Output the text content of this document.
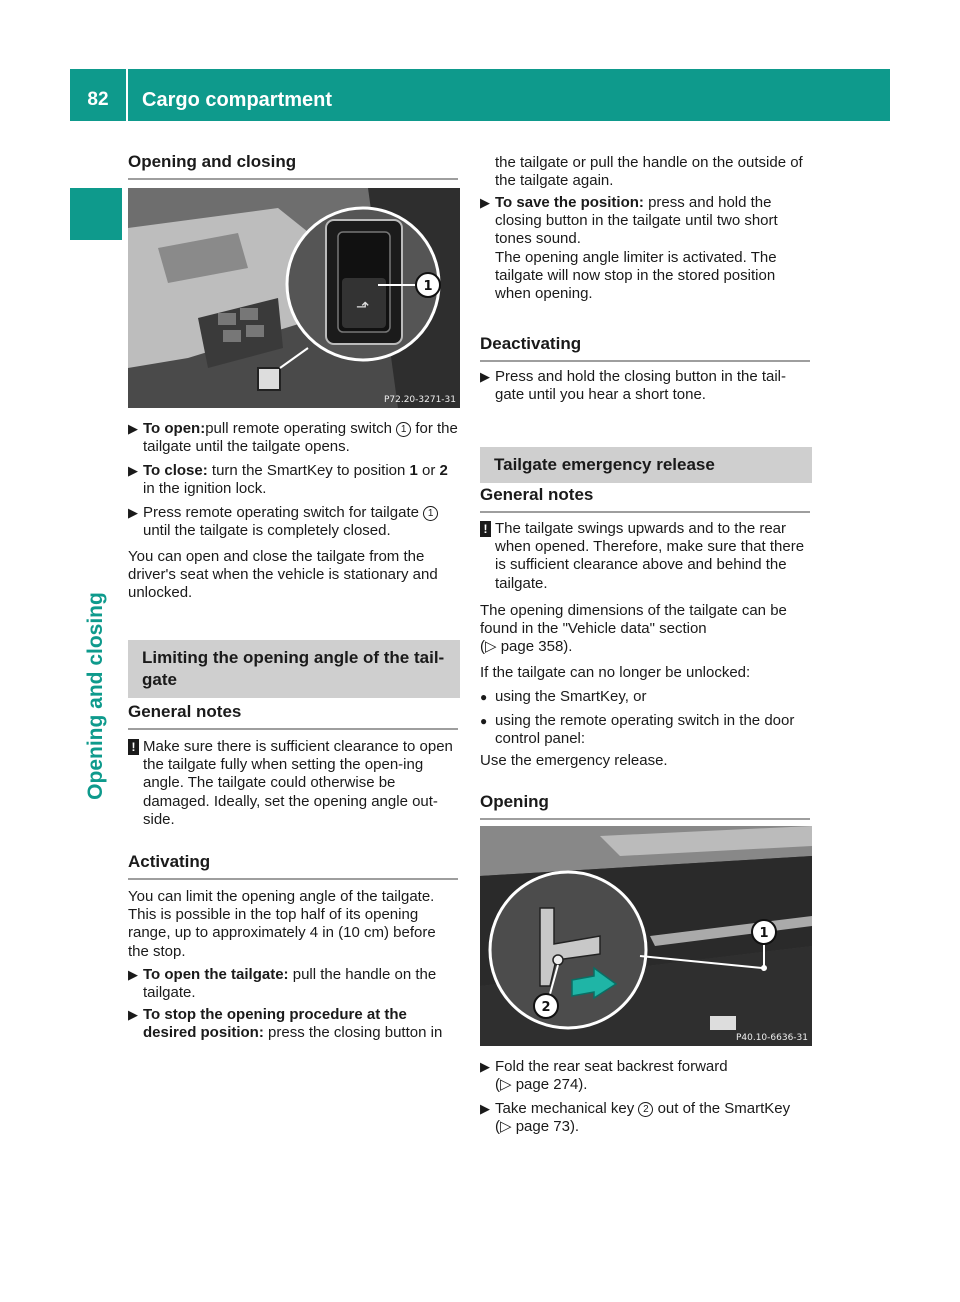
82	Cargo compartment
Opening and closing
Opening and closing
⬏
1
P72.20-3271-31
▶ To open:pull remote operating switch 1 for the tailgate until the tailgate opens.
▶ To close: turn the SmartKey to position 1 or 2 in the ignition lock.
▶ Press remote operating switch for tailgate 1 until the tailgate is completely closed.

You can open and close the tailgate from the driver's seat when the vehicle is stationary and unlocked.

Limiting the opening angle of the tail-gate
General notes
! Make sure there is sufficient clearance to open the tailgate fully when setting the open-ing angle. The tailgate could otherwise be damaged. Ideally, set the opening angle out-side.
Activating

You can limit the opening angle of the tailgate. This is possible in the top half of its opening range, up to approximately 4 in (10 cm) before the stop.

▶ To open the tailgate: pull the handle on the tailgate.
▶ To stop the opening procedure at the desired position: press the closing button in

the tailgate or pull the handle on the outside of the tailgate again.

▶ To save the position: press and hold the closing button in the tailgate until two short tones sound.
The opening angle limiter is activated. The tailgate will now stop in the stored position when opening.
Deactivating
▶ Press and hold the closing button in the tail-gate until you hear a short tone.
Tailgate emergency release
General notes
! The tailgate swings upwards and to the rear when opened. Therefore, make sure that there is sufficient clearance above and behind the tailgate.

The opening dimensions of the tailgate can be found in the "Vehicle data" section
(▷ page 358).

If the tailgate can no longer be unlocked:

● using the SmartKey, or
● using the remote operating switch in the door control panel:

Use the emergency release.

Opening
1
2
P40.10-6636-31
▶ Fold the rear seat backrest forward
(▷ page 274).
▶ Take mechanical key 2 out of the SmartKey
(▷ page 73).
